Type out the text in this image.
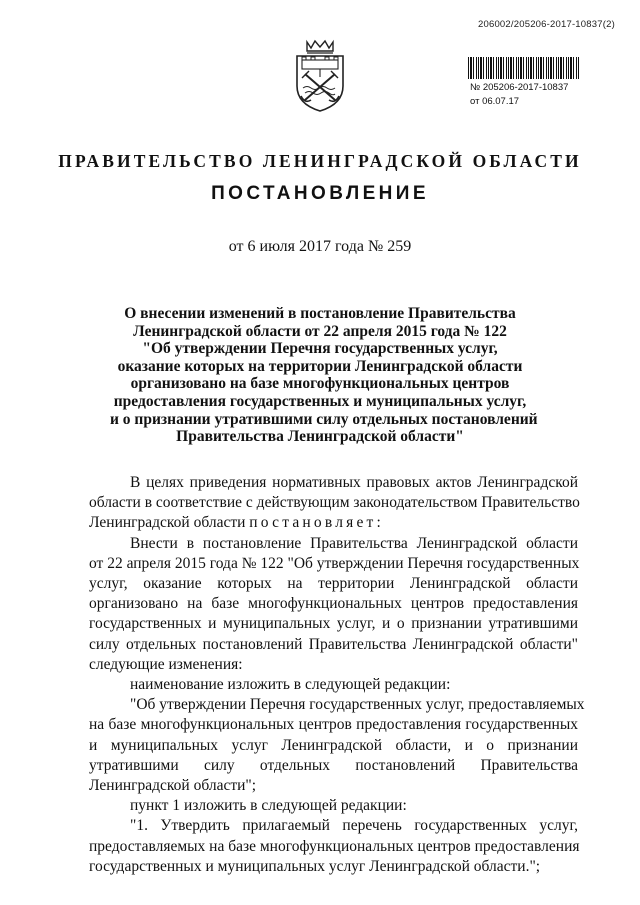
206002/205206-2017-10837(2)
№ 205206-2017-10837
от 06.07.17
ПРАВИТЕЛЬСТВО ЛЕНИНГРАДСКОЙ ОБЛАСТИ
ПОСТАНОВЛЕНИЕ
от 6 июля 2017 года № 259
О внесении изменений в постановление Правительства
Ленинградской области от 22 апреля 2015 года № 122
"Об утверждении Перечня государственных услуг,
оказание которых на территории Ленинградской области
организовано на базе многофункциональных центров
предоставления государственных и муниципальных услуг,
и о признании утратившими силу отдельных постановлений
Правительства Ленинградской области"
В целях приведения нормативных правовых актов Ленинградской
области в соответствие с действующим законодательством Правительство
Ленинградской области постановляет:
Внести в постановление Правительства Ленинградской области
от 22 апреля 2015 года № 122 "Об утверждении Перечня государственных
услуг, оказание которых на территории Ленинградской области
организовано на базе многофункциональных центров предоставления
государственных и муниципальных услуг, и о признании утратившими
силу отдельных постановлений Правительства Ленинградской области"
следующие изменения:
наименование изложить в следующей редакции:
"Об утверждении Перечня государственных услуг, предоставляемых
на базе многофункциональных центров предоставления государственных
и муниципальных услуг Ленинградской области, и о признании
утратившими силу отдельных постановлений Правительства
Ленинградской области";
пункт 1 изложить в следующей редакции:
"1. Утвердить прилагаемый перечень государственных услуг,
предоставляемых на базе многофункциональных центров предоставления
государственных и муниципальных услуг Ленинградской области.";
